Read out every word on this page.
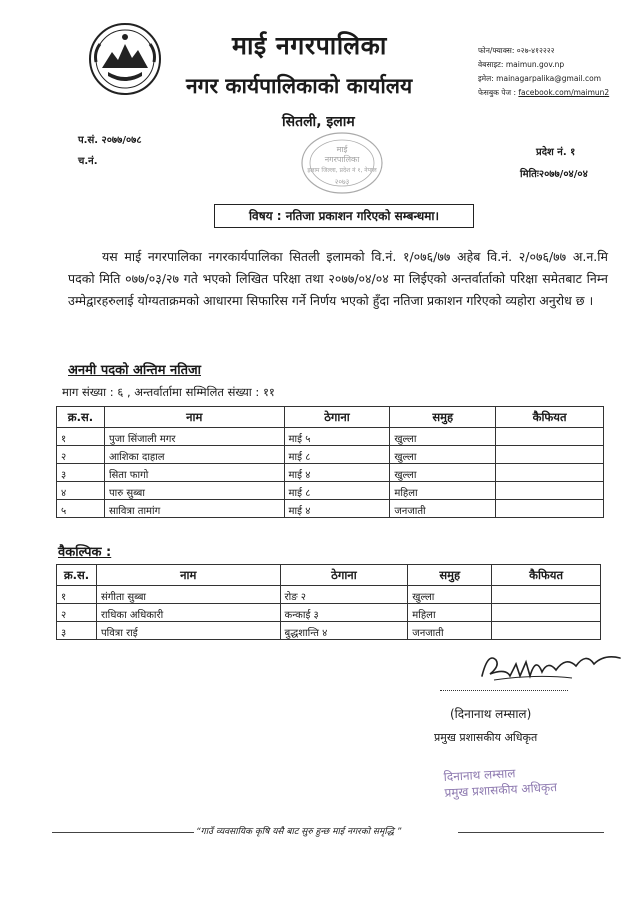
माई नगरपालिका
नगर कार्यपालिकाको कार्यालय
सितली, इलाम
फोन/फ्याक्स: ०२७-४१२२२२
वेबसाइट: maimun.gov.np
इमेल: mainagarpalika@gmail.com
फेसबुक पेज : facebook.com/maimun2
माई
नगरपालिका
इलाम जिल्ला, प्रदेश नं १, नेपाल
२०७३
प.सं. २०७७/०७८
च.नं.
प्रदेश नं. १
मितिः२०७७/०४/०४
विषय : नतिजा प्रकाशन गरिएको सम्बन्धमा।
यस माई नगरपालिका नगरकार्यपालिका सितली इलामको वि.नं. १/०७६/७७ अहेब वि.नं. २/०७६/७७ अ.न.मि पदको मिति ०७७/०३/२७ गते भएको लिखित परिक्षा तथा २०७७/०४/०४ मा लिईएको अन्तर्वार्ताको परिक्षा समेतबाट निम्न उम्मेद्वारहरुलाई योग्यताक्रमको आधारमा सिफारिस गर्ने निर्णय भएको हुँदा नतिजा प्रकाशन गरिएको व्यहोरा अनुरोध छ ।
अनमी पदको अन्तिम नतिजा
माग संख्या : ६ , अन्तर्वार्तामा सम्मिलित संख्या : ११
क्र.स.	नाम	ठेगाना	समुह	कैफियत
१	पुजा सिंजाली मगर	माई ५	खुल्ला	
२	आशिका दाहाल	माई ८	खुल्ला	
३	सिता फागो	माई ४	खुल्ला	
४	पारु सुब्बा	माई ८	महिला	
५	सावित्रा तामांग	माई ४	जनजाती	
वैकल्पिक :
क्र.स.	नाम	ठेगाना	समुह	कैफियत
१	संगीता सुब्बा	रोङ २	खुल्ला	
२	राधिका अधिकारी	कन्काई ३	महिला	
३	पवित्रा राई	बुद्धशान्ति ४	जनजाती	
(दिनानाथ लम्साल)
प्रमुख प्रशासकीय अधिकृत
दिनानाथ लम्साल
प्रमुख प्रशासकीय अधिकृत
“गाउँ व्यवसायिक कृषि यसै बाट सुरु हुन्छ माई नगरको समृद्धि ”
